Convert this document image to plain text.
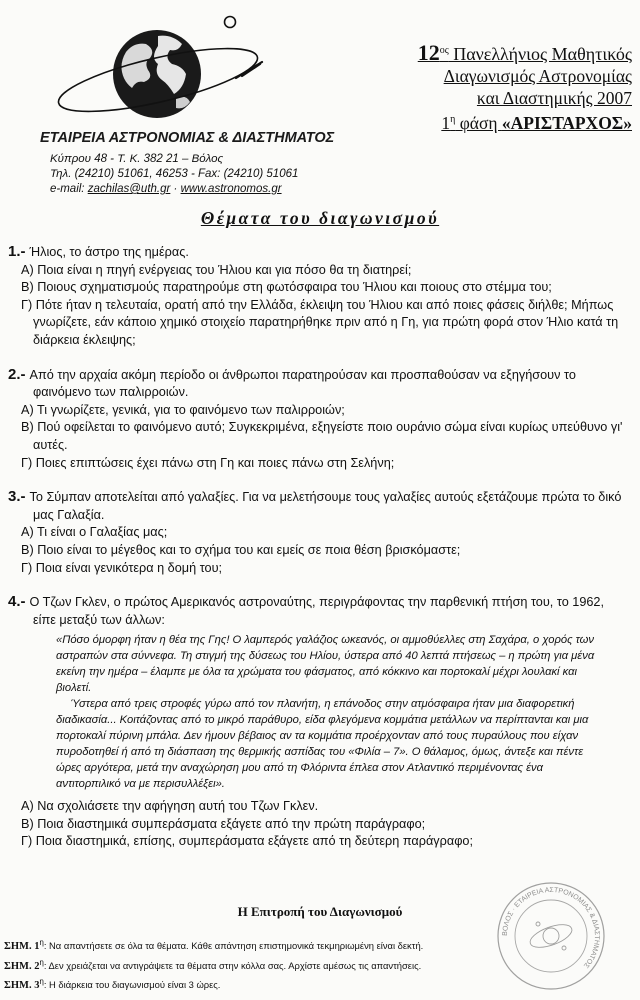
ΕΤΑΙΡΕΙΑ ΑΣΤΡΟΝΟΜΙΑΣ & ΔΙΑΣΤΗΜΑΤΟΣ
Κύπρου 48 - Τ. Κ. 382 21 – Βόλος
Τηλ. (24210) 51061, 46253 - Fax: (24210) 51061
e-mail: zachilas@uth.gr · www.astronomos.gr
$12^{o\varsigma}$ Πανελλήνιος Μαθητικός
Διαγωνισμός Αστρονομίας
και Διαστημικής 2007
$1^\eta$ φάση «ΑΡΙΣΤΑΡΧΟΣ»
Θέματα του διαγωνισμού
1.- Ήλιος, το άστρο της ημέρας.
Α) Ποια είναι η πηγή ενέργειας του Ήλιου και για πόσο θα τη διατηρεί;
Β) Ποιους σχηματισμούς παρατηρούμε στη φωτόσφαιρα του Ήλιου και ποιους στο στέμμα του;
Γ) Πότε ήταν η τελευταία, ορατή από την Ελλάδα, έκλειψη του Ήλιου και από ποιες φάσεις διήλθε; Μήπως γνωρίζετε, εάν κάποιο χημικό στοιχείο παρατηρήθηκε πριν από η Γη, για πρώτη φορά στον Ήλιο κατά τη διάρκεια έκλειψης;
2.- Από την αρχαία ακόμη περίοδο οι άνθρωποι παρατηρούσαν και προσπαθούσαν να εξηγήσουν το φαινόμενο των παλιρροιών.
Α) Τι γνωρίζετε, γενικά, για το φαινόμενο των παλιρροιών;
Β) Πού οφείλεται το φαινόμενο αυτό; Συγκεκριμένα, εξηγείστε ποιο ουράνιο σώμα είναι κυρίως υπεύθυνο γι' αυτές.
Γ) Ποιες επιπτώσεις έχει πάνω στη Γη και ποιες πάνω στη Σελήνη;
3.- Το Σύμπαν αποτελείται από γαλαξίες. Για να μελετήσουμε τους γαλαξίες αυτούς εξετάζουμε πρώτα το δικό μας Γαλαξία.
Α) Τι είναι ο Γαλαξίας μας;
Β) Ποιο είναι το μέγεθος και το σχήμα του και εμείς σε ποια θέση βρισκόμαστε;
Γ) Ποια είναι γενικότερα η δομή του;
4.- Ο Τζων Γκλεν, ο πρώτος Αμερικανός αστροναύτης, περιγράφοντας την παρθενική πτήση του, το 1962, είπε μεταξύ των άλλων:

«Πόσο όμορφη ήταν η θέα της Γης! Ο λαμπερός γαλάζιος ωκεανός, οι αμμοθύελλες στη Σαχάρα, ο χορός των αστραπών στα σύννεφα. Τη στιγμή της δύσεως του Ηλίου, ύστερα από 40 λεπτά πτήσεως – η πρώτη για μένα εκείνη την ημέρα – έλαμπε με όλα τα χρώματα του φάσματος, από κόκκινο και πορτοκαλί μέχρι λουλακί και βιολετί.

Ύστερα από τρεις στροφές γύρω από τον πλανήτη, η επάνοδος στην ατμόσφαιρα ήταν μια διαφορετική διαδικασία... Κοιτάζοντας από το μικρό παράθυρο, είδα φλεγόμενα κομμάτια μετάλλων να περίπτανται και μια πορτοκαλί πύρινη μπάλα. Δεν ήμουν βέβαιος αν τα κομμάτια προέρχονταν από τους πυραύλους που είχαν πυροδοτηθεί ή από τη διάσπαση της θερμικής ασπίδας του «Φιλία – 7». Ο θάλαμος, όμως, άντεξε και πέντε ώρες αργότερα, μετά την αναχώρηση μου από τη Φλόριντα έπλεα στον Ατλαντικό περιμένοντας ένα αντιτορπιλικό να με περισυλλέξει».

Α) Να σχολιάσετε την αφήγηση αυτή του Τζων Γκλεν.
Β) Ποια διαστημικά συμπεράσματα εξάγετε από την πρώτη παράγραφο;
Γ) Ποια διαστημικά, επίσης, συμπεράσματα εξάγετε από τη δεύτερη παράγραφο;
Η Επιτροπή του Διαγωνισμού
ΣΗΜ. $1^\eta$: Να απαντήσετε σε όλα τα θέματα. Κάθε απάντηση επιστημονικά τεκμηριωμένη είναι δεκτή.
ΣΗΜ. $2^\eta$: Δεν χρειάζεται να αντιγράψετε τα θέματα στην κόλλα σας. Αρχίστε αμέσως τις απαντήσεις.
ΣΗΜ. $3^\eta$: Η διάρκεια του διαγωνισμού είναι 3 ώρες.
ΒΟΛΟΣ · ΕΤΑΙΡΕΙΑ ΑΣΤΡΟΝΟΜΙΑΣ & ΔΙΑΣΤΗΜΑΤΟΣ
